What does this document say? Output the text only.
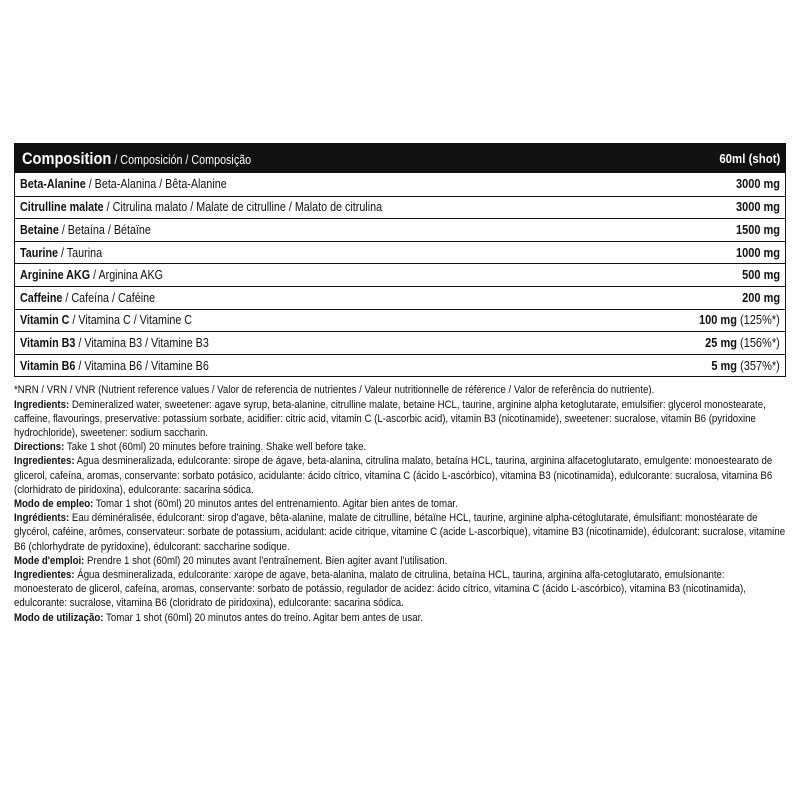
Composition / Composición / Composição	60ml (shot)
Beta-Alanine / Beta-Alanina / Bêta-Alanine	3000 mg
Citrulline malate / Citrulina malato / Malate de citrulline / Malato de citrulina	3000 mg
Betaine / Betaína / Bétaïne	1500 mg
Taurine / Taurina	1000 mg
Arginine AKG / Arginina AKG	500 mg
Caffeine / Cafeína / Caféine	200 mg
Vitamin C / Vitamina C / Vitamine C	100 mg (125%*)
Vitamin B3 / Vitamina B3 / Vitamine B3	25 mg (156%*)
Vitamin B6 / Vitamina B6 / Vitamine B6	5 mg (357%*)

*NRN / VRN / VNR (Nutrient reference values / Valor de referencia de nutrientes / Valeur nutritionnelle de référence / Valor de referência do nutriente).

Ingredients: Demineralized water, sweetener: agave syrup, beta-alanine, citrulline malate, betaine HCL, taurine, arginine alpha ketoglutarate, emulsifier: glycerol monostearate, caffeine, flavourings, preservative: potassium sorbate, acidifier: citric acid, vitamin C (L-ascorbic acid), vitamin B3 (nicotinamide), sweetener: sucralose, vitamin B6 (pyridoxine hydrochloride), sweetener: sodium saccharin.

Directions: Take 1 shot (60ml) 20 minutes before training. Shake well before take.

Ingredientes: Agua desmineralizada, edulcorante: sirope de ágave, beta-alanina, citrulina malato, betaína HCL, taurina, arginina alfacetoglutarato, emulgente: monoestearato de glicerol, cafeína, aromas, conservante: sorbato potásico, acidulante: ácido cítrico, vitamina C (ácido L-ascórbico), vitamina B3 (nicotinamida), edulcorante: sucralosa, vitamina B6 (clorhidrato de piridoxina), edulcorante: sacarina sódica.

Modo de empleo: Tomar 1 shot (60ml) 20 minutos antes del entrenamiento. Agitar bien antes de tomar.

Ingrédients: Eau déminéralisée, édulcorant: sirop d'agave, bêta-alanine, malate de citrulline, bétaïne HCL, taurine, arginine alpha-cétoglutarate, émulsifiant: monostéarate de glycérol, caféine, arômes, conservateur: sorbate de potassium, acidulant: acide citrique, vitamine C (acide L-ascorbique), vitamine B3 (nicotinamide), édulcorant: sucralose, vitamine B6 (chlorhydrate de pyridoxine), édulcorant: saccharine sodique.

Mode d'emploi: Prendre 1 shot (60ml) 20 minutes avant l'entraînement. Bien agiter avant l'utilisation.

Ingredientes: Água desmineralizada, edulcorante: xarope de agave, beta-alanina, malato de citrulina, betaína HCL, taurina, arginina alfa-cetoglutarato, emulsionante: monoesterato de glicerol, cafeína, aromas, conservante: sorbato de potássio, regulador de acidez: ácido cítrico, vitamina C (ácido L-ascórbico), vitamina B3 (nicotinamida), edulcorante: sucralose, vitamina B6 (cloridrato de piridoxina), edulcorante: sacarina sódica.

Modo de utilização: Tomar 1 shot (60ml) 20 minutos antes do treino. Agitar bem antes de usar.
